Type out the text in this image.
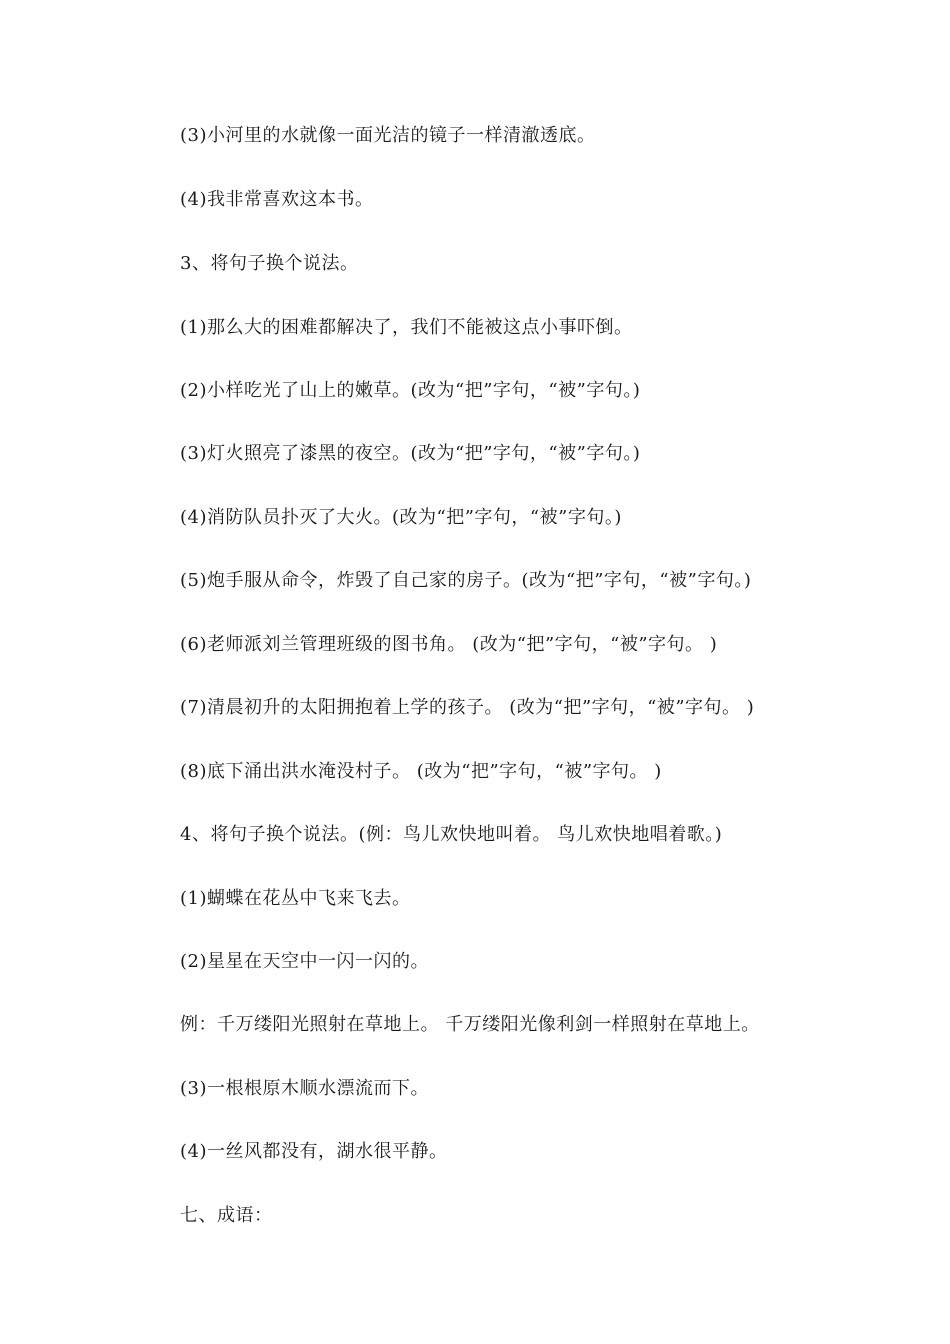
(3)小河里的水就像一面光洁的镜子一样清澈透底。
(4)我非常喜欢这本书。
3、将句子换个说法。
(1)那么大的困难都解决了，我们不能被这点小事吓倒。
(2)小样吃光了山上的嫩草。(改为“把”字句，“被”字句。)
(3)灯火照亮了漆黑的夜空。(改为“把”字句，“被”字句。)
(4)消防队员扑灭了大火。(改为“把”字句，“被”字句。)
(5)炮手服从命令，炸毁了自己家的房子。(改为“把”字句，“被”字句。)
(6)老师派刘兰管理班级的图书角。 (改为“把”字句，“被”字句。 )
(7)清晨初升的太阳拥抱着上学的孩子。 (改为“把”字句，“被”字句。 )
(8)底下涌出洪水淹没村子。 (改为“把”字句，“被”字句。 )
4、将句子换个说法。(例：鸟儿欢快地叫着。 鸟儿欢快地唱着歌。)
(1)蝴蝶在花丛中飞来飞去。
(2)星星在天空中一闪一闪的。
例：千万缕阳光照射在草地上。 千万缕阳光像利剑一样照射在草地上。
(3)一根根原木顺水漂流而下。
(4)一丝风都没有，湖水很平静。
七、成语：
